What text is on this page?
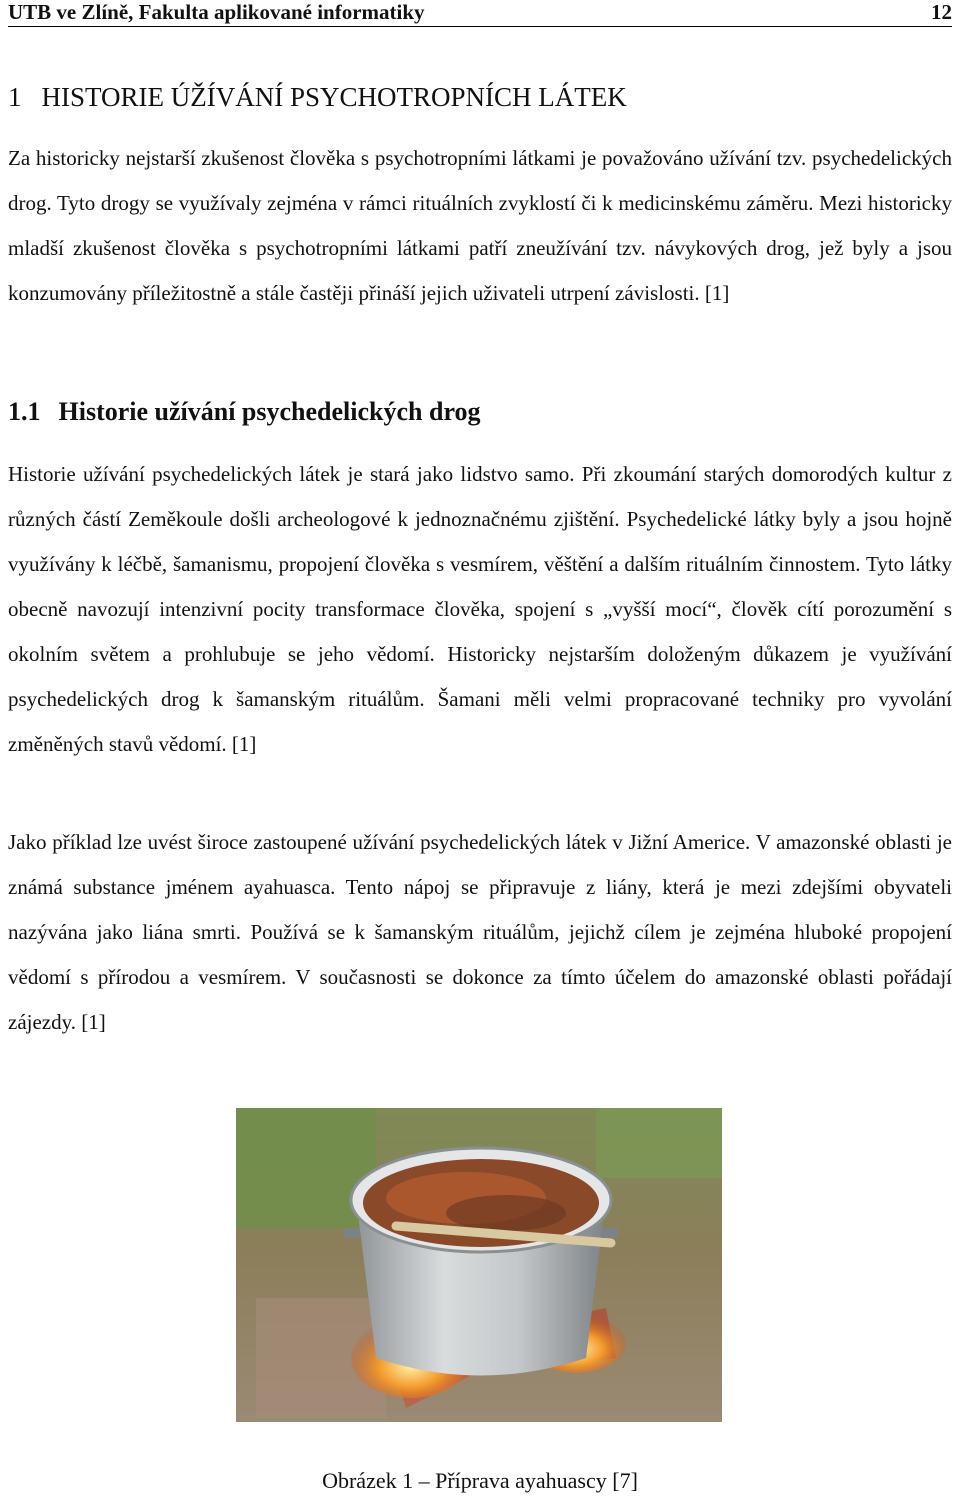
UTB ve Zlíně, Fakulta aplikované informatiky	12
1 HISTORIE ÚŽÍVÁNÍ PSYCHOTROPNÍCH LÁTEK

Za historicky nejstarší zkušenost člověka s psychotropními látkami je považováno užívání tzv. psychedelických drog. Tyto drogy se využívaly zejména v rámci rituálních zvyklostí či k medicinskému záměru. Mezi historicky mladší zkušenost člověka s psychotropními látkami patří zneužívání tzv. návykových drog, jež byly a jsou konzumovány příležitostně a stále častěji přináší jejich uživateli utrpení závislosti. [1]

1.1 Historie užívání psychedelických drog

Historie užívání psychedelických látek je stará jako lidstvo samo. Při zkoumání starých domorodých kultur z různých částí Zeměkoule došli archeologové k jednoznačnému zjištění. Psychedelické látky byly a jsou hojně využívány k léčbě, šamanismu, propojení člověka s vesmírem, věštění a dalším rituálním činnostem. Tyto látky obecně navozují intenzivní pocity transformace člověka, spojení s „vyšší mocí“, člověk cítí porozumění s okolním světem a prohlubuje se jeho vědomí. Historicky nejstarším doloženým důkazem je využívání psychedelických drog k šamanským rituálům. Šamani měli velmi propracované techniky pro vyvolání změněných stavů vědomí. [1]

Jako příklad lze uvést široce zastoupené užívání psychedelických látek v Jižní Americe. V amazonské oblasti je známá substance jménem ayahuasca. Tento nápoj se připravuje z liány, která je mezi zdejšími obyvateli nazývána jako liána smrti. Používá se k šamanským rituálům, jejichž cílem je zejména hluboké propojení vědomí s přírodou a vesmírem. V současnosti se dokonce za tímto účelem do amazonské oblasti pořádají zájezdy. [1]

Obrázek 1 – Příprava ayahuascy [7]
